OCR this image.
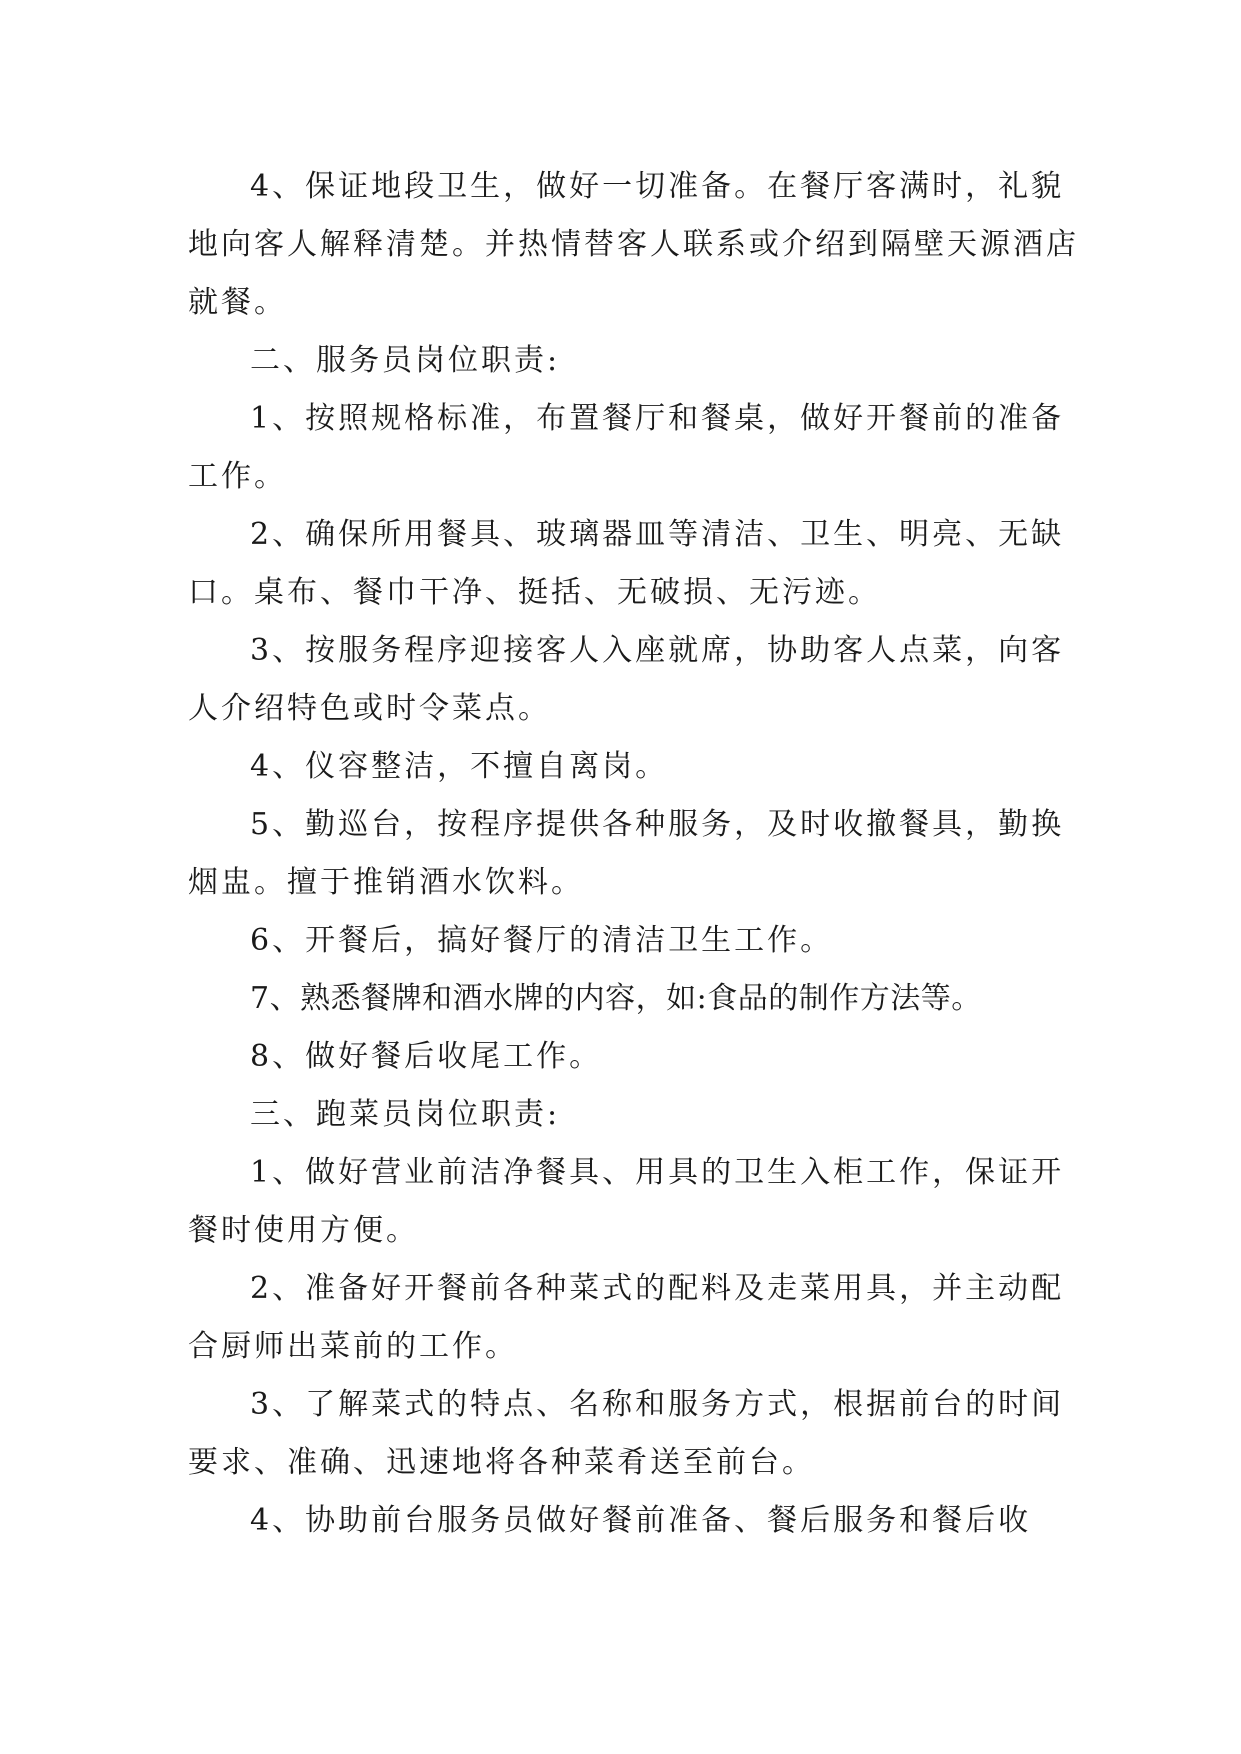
4、保证地段卫生，做好一切准备。在餐厅客满时，礼貌地向客人解释清楚。并热情替客人联系或介绍到隔壁天源酒店就餐。

二、服务员岗位职责:

1、按照规格标准，布置餐厅和餐桌，做好开餐前的准备工作。

2、确保所用餐具、玻璃器皿等清洁、卫生、明亮、无缺口。桌布、餐巾干净、挺括、无破损、无污迹。

3、按服务程序迎接客人入座就席，协助客人点菜，向客人介绍特色或时令菜点。

4、仪容整洁，不擅自离岗。

5、勤巡台，按程序提供各种服务，及时收撤餐具，勤换烟盅。擅于推销酒水饮料。

6、开餐后，搞好餐厅的清洁卫生工作。

7、熟悉餐牌和酒水牌的内容，如:食品的制作方法等。

8、做好餐后收尾工作。

三、跑菜员岗位职责:

1、做好营业前洁净餐具、用具的卫生入柜工作，保证开餐时使用方便。

2、准备好开餐前各种菜式的配料及走菜用具，并主动配合厨师出菜前的工作。

3、了解菜式的特点、名称和服务方式，根据前台的时间要求、准确、迅速地将各种菜肴送至前台。

4、协助前台服务员做好餐前准备、餐后服务和餐后收
